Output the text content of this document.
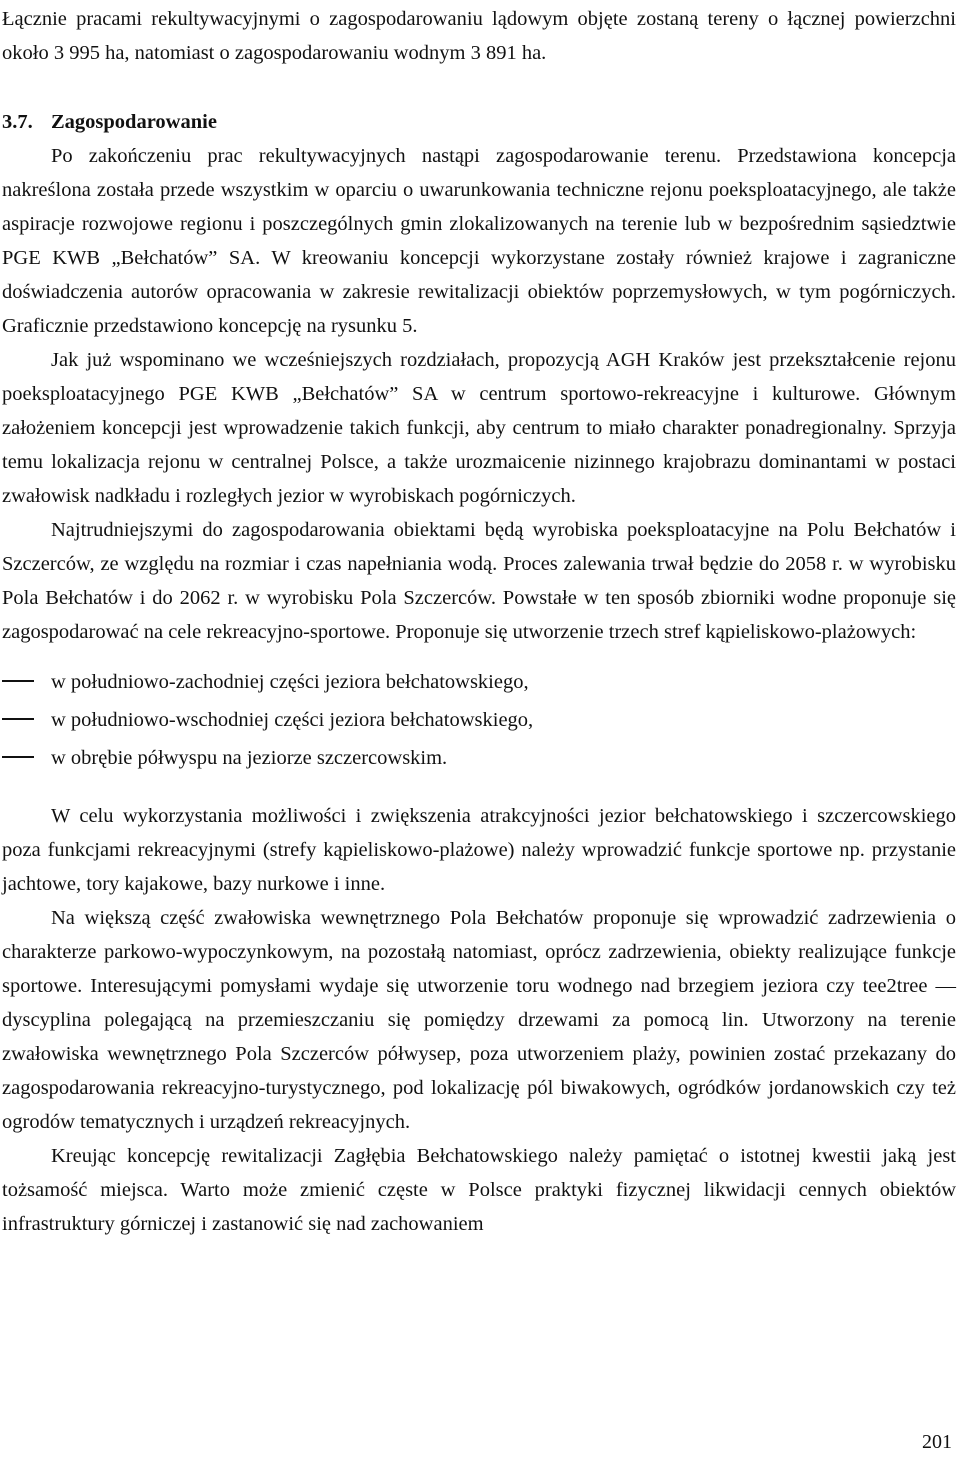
Łącznie pracami rekultywacyjnymi o zagospodarowaniu lądowym objęte zostaną tereny o łącznej powierzchni około 3 995 ha, natomiast o zagospodarowaniu wodnym 3 891 ha.

3.7. Zagospodarowanie

Po zakończeniu prac rekultywacyjnych nastąpi zagospodarowanie terenu. Przedstawiona koncepcja nakreślona została przede wszystkim w oparciu o uwarunkowania techniczne rejonu poeksploatacyjnego, ale także aspiracje rozwojowe regionu i poszczególnych gmin zlokalizowanych na terenie lub w bezpośrednim sąsiedztwie PGE KWB „Bełchatów” SA. W kreowaniu koncepcji wykorzystane zostały również krajowe i zagraniczne doświadczenia autorów opracowania w zakresie rewitalizacji obiektów poprzemysłowych, w tym pogórniczych. Graficznie przedstawiono koncepcję na rysunku 5.

Jak już wspominano we wcześniejszych rozdziałach, propozycją AGH Kraków jest przekształcenie rejonu poeksploatacyjnego PGE KWB „Bełchatów” SA w centrum sportowo-rekreacyjne i kulturowe. Głównym założeniem koncepcji jest wprowadzenie takich funkcji, aby centrum to miało charakter ponadregionalny. Sprzyja temu lokalizacja rejonu w centralnej Polsce, a także urozmaicenie nizinnego krajobrazu dominantami w postaci zwałowisk nadkładu i rozległych jezior w wyrobiskach pogórniczych.

Najtrudniejszymi do zagospodarowania obiektami będą wyrobiska poeksploatacyjne na Polu Bełchatów i Szczerców, ze względu na rozmiar i czas napełniania wodą. Proces zalewania trwał będzie do 2058 r. w wyrobisku Pola Bełchatów i do 2062 r. w wyrobisku Pola Szczerców. Powstałe w ten sposób zbiorniki wodne proponuje się zagospodarować na cele rekreacyjno-sportowe. Proponuje się utworzenie trzech stref kąpieliskowo-plażowych:

w południowo-zachodniej części jeziora bełchatowskiego,
w południowo-wschodniej części jeziora bełchatowskiego,
w obrębie półwyspu na jeziorze szczercowskim.

W celu wykorzystania możliwości i zwiększenia atrakcyjności jezior bełchatowskiego i szczercowskiego poza funkcjami rekreacyjnymi (strefy kąpieliskowo-plażowe) należy wprowadzić funkcje sportowe np. przystanie jachtowe, tory kajakowe, bazy nurkowe i inne.

Na większą część zwałowiska wewnętrznego Pola Bełchatów proponuje się wprowadzić zadrzewienia o charakterze parkowo-wypoczynkowym, na pozostałą natomiast, oprócz zadrzewienia, obiekty realizujące funkcje sportowe. Interesującymi pomysłami wydaje się utworzenie toru wodnego nad brzegiem jeziora czy tee2tree — dyscyplina polegającą na przemieszczaniu się pomiędzy drzewami za pomocą lin. Utworzony na terenie zwałowiska wewnętrznego Pola Szczerców półwysep, poza utworzeniem plaży, powinien zostać przekazany do zagospodarowania rekreacyjno-turystycznego, pod lokalizację pól biwakowych, ogródków jordanowskich czy też ogrodów tematycznych i urządzeń rekreacyjnych.

Kreując koncepcję rewitalizacji Zagłębia Bełchatowskiego należy pamiętać o istotnej kwestii jaką jest tożsamość miejsca. Warto może zmienić częste w Polsce praktyki fizycznej likwidacji cennych obiektów infrastruktury górniczej i zastanowić się nad zachowaniem

201
